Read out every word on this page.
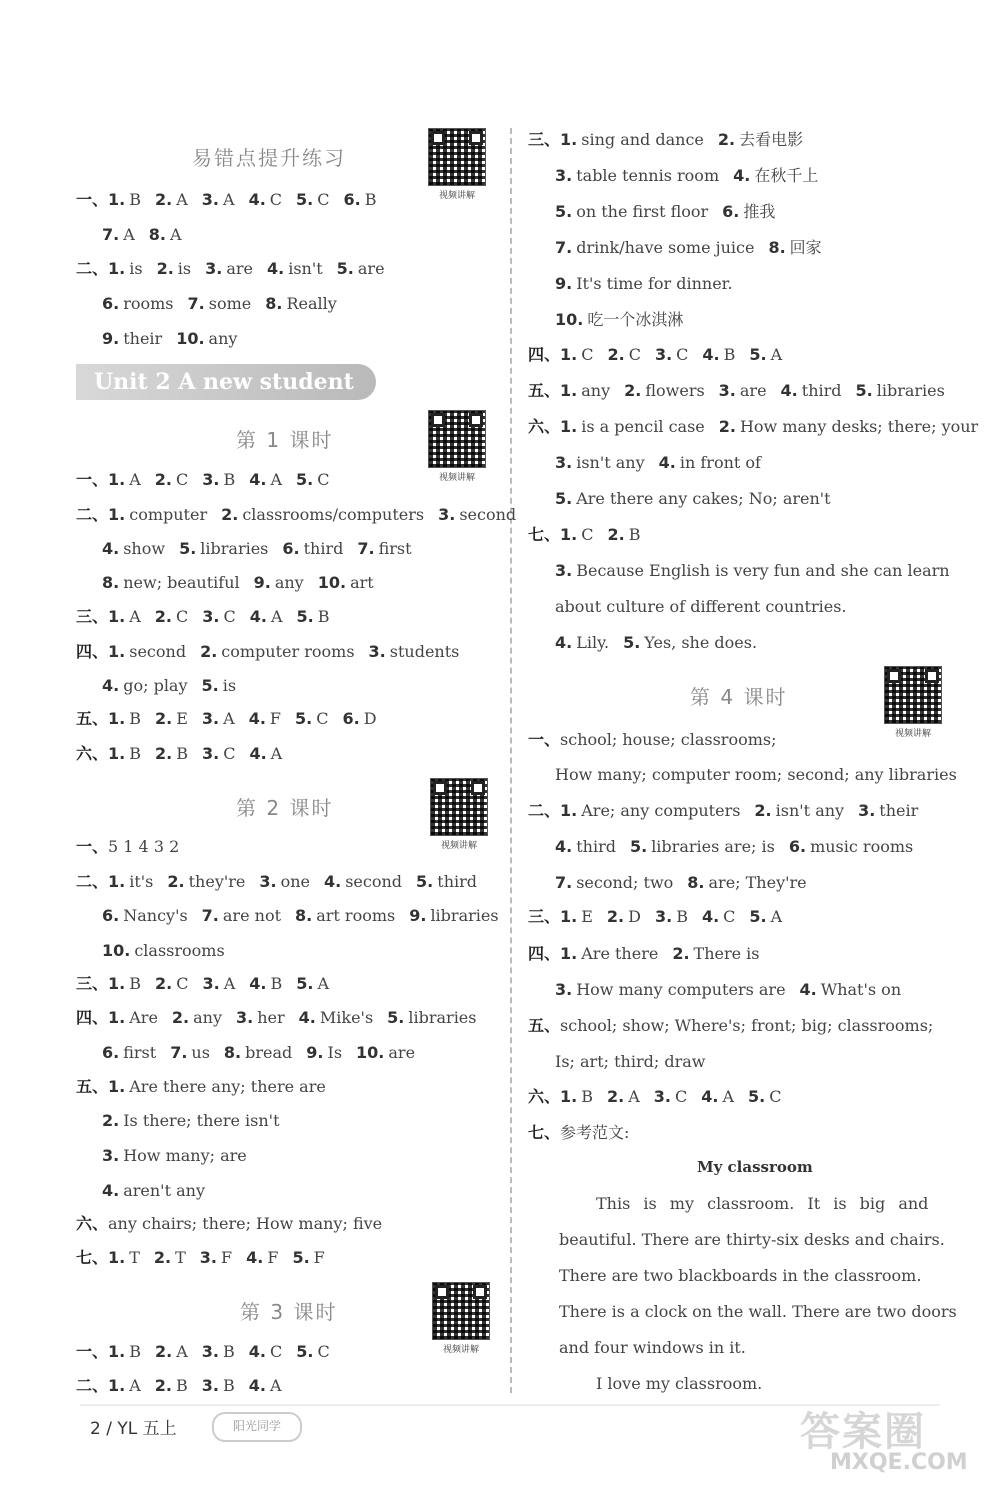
易错点提升练习
视频讲解
Unit 2 A new student
第 1 课时
视频讲解
第 2 课时
视频讲解
第 3 课时
视频讲解
一、1. B 2. A 3. A 4. C 5. C 6. B
7. A 8. A
二、1. is 2. is 3. are 4. isn't 5. are
6. rooms 7. some 8. Really
9. their 10. any
一、1. A 2. C 3. B 4. A 5. C
二、1. computer 2. classrooms/computers 3. second
4. show 5. libraries 6. third 7. first
8. new; beautiful 9. any 10. art
三、1. A 2. C 3. C 4. A 5. B
四、1. second 2. computer rooms 3. students
4. go; play 5. is
五、1. B 2. E 3. A 4. F 5. C 6. D
六、1. B 2. B 3. C 4. A
一、5 1 4 3 2
二、1. it's 2. they're 3. one 4. second 5. third
6. Nancy's 7. are not 8. art rooms 9. libraries
10. classrooms
三、1. B 2. C 3. A 4. B 5. A
四、1. Are 2. any 3. her 4. Mike's 5. libraries
6. first 7. us 8. bread 9. Is 10. are
五、1. Are there any; there are
2. Is there; there isn't
3. How many; are
4. aren't any
六、any chairs; there; How many; five
七、1. T 2. T 3. F 4. F 5. F
一、1. B 2. A 3. B 4. C 5. C
二、1. A 2. B 3. B 4. A
第 4 课时
视频讲解
三、1. sing and dance 2. 去看电影
3. table tennis room 4. 在秋千上
5. on the first floor 6. 推我
7. drink/have some juice 8. 回家
9. It's time for dinner.
10. 吃一个冰淇淋
四、1. C 2. C 3. C 4. B 5. A
五、1. any 2. flowers 3. are 4. third 5. libraries
六、1. is a pencil case 2. How many desks; there; your
3. isn't any 4. in front of
5. Are there any cakes; No; aren't
七、1. C 2. B
3. Because English is very fun and she can learn
about culture of different countries.
4. Lily. 5. Yes, she does.
一、school; house; classrooms;
How many; computer room; second; any libraries
二、1. Are; any computers 2. isn't any 3. their
4. third 5. libraries are; is 6. music rooms
7. second; two 8. are; They're
三、1. E 2. D 3. B 4. C 5. A
四、1. Are there 2. There is
3. How many computers are 4. What's on
五、school; show; Where's; front; big; classrooms;
Is; art; third; draw
六、1. B 2. A 3. C 4. A 5. C
七、参考范文:
My classroom
This is my classroom. It is big and
beautiful. There are thirty-six desks and chairs.
There are two blackboards in the classroom.
There is a clock on the wall. There are two doors
and four windows in it.
I love my classroom.
2 / YL 五上	阳光同学	答案圈
MXQE.COM
